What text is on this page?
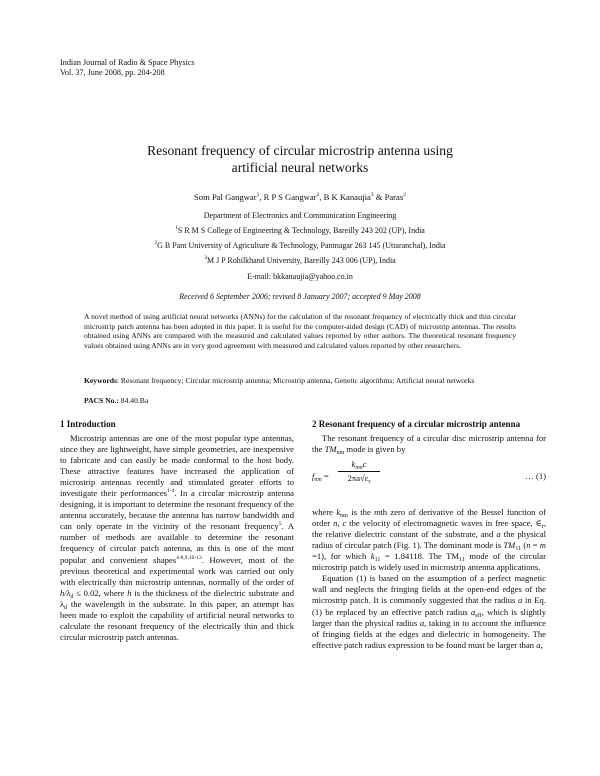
Indian Journal of Radio & Space Physics
Vol. 37, June 2008, pp. 204-208
Resonant frequency of circular microstrip antenna using
artificial neural networks
Som Pal Gangwar$^1$, R P S Gangwar$^2$, B K Kanaujia$^3$ & Paras$^2$
Department of Electronics and Communication Engineering
$^1$S R M S College of Engineering & Technology, Bareilly 243 202 (UP), India
$^2$G B Pant University of Agriculture & Technology, Pantnagar 263 145 (Uttaranchal), India
$^3$M J P Rohilkhand University, Bareilly 243 006 (UP), India
E-mail: bkkanaujia@yahoo.co.in
Received 6 September 2006; revised 8 January 2007; accepted 9 May 2008
A novel method of using artificial neural networks (ANNs) for the calculation of the resonant frequency of electrically thick and thin circular microstrip patch antenna has been adopted in this paper. It is useful for the computer-aided design (CAD) of microstrip antennas. The results obtained using ANNs are compared with the measured and calculated values reported by other authors. The theoretical resonant frequency values obtained using ANNs are in very good agreement with measured and calculated values reported by other researchers.
Keywords: Resonant frequency; Circular microstrip antenna; Microstrip antenna, Genetic algorithms; Artificial neural networks
PACS No.: 84.40.Ba
1 Introduction

Microstrip antennas are one of the most popular type antennas, since they are lightweight, have simple geometries, are inexpensive to fabricate and can easily be made conformal to the host body. These attractive features have increased the application of microstrip antennas recently and stimulated greater efforts to investigate their performances$^{1-4}$. In a circular microstrip antenna designing, it is important to determine the resonant frequency of the antenna accurately, because the antenna has narrow bandwidth and can only operate in the vicinity of the resonant frequency$^5$. A number of methods are available to determine the resonant frequency of circular patch antenna, as this is one of the most popular and convenient shapes$^{4-8,9,10-13}$. However, most of the previous theoretical and experimental work was carried out only with electrically thin microstrip antennas, normally of the order of $h/\lambda_d \le 0.02$, where h is the thickness of the dielectric substrate and $\lambda_d$ the wavelength in the substrate. In this paper, an attempt has been made to exploit the capability of artificial neural networks to calculate the resonant frequency of the electrically thin and thick circular microstrip patch antennas.

2 Resonant frequency of a circular microstrip antenna

The resonant frequency of a circular disc microstrip antenna for the $TM_{nm}$ mode is given by

$f_{nm}$ =
$k_{nm}c$
$2\pi a√\varepsilon_r$
… (1)

where $k_{nm}$ is the mth zero of derivative of the Bessel function of order n, c the velocity of electromagnetic waves in free space, $\in_r$, the relative dielectric constant of the substrate, and a the physical radius of circular patch (Fig. 1). The dominant mode is $TM_{11}$ (n = m =1), for which $k_{11} = 1.84118$. The $TM_{11}$ mode of the circular microstrip patch is widely used in microstrip antenna applications.

Equation (1) is based on the assumption of a perfect magnetic wall and neglects the fringing fields at the open-end edges of the microstrip patch. It is commonly suggested that the radius a in Eq. (1) be replaced by an effective patch radius $a_{eff}$, which is slightly larger than the physical radius a, taking in to account the influence of fringing fields at the edges and dielectric in homogeneity. The effective patch radius expression to be found must be larger than a,
